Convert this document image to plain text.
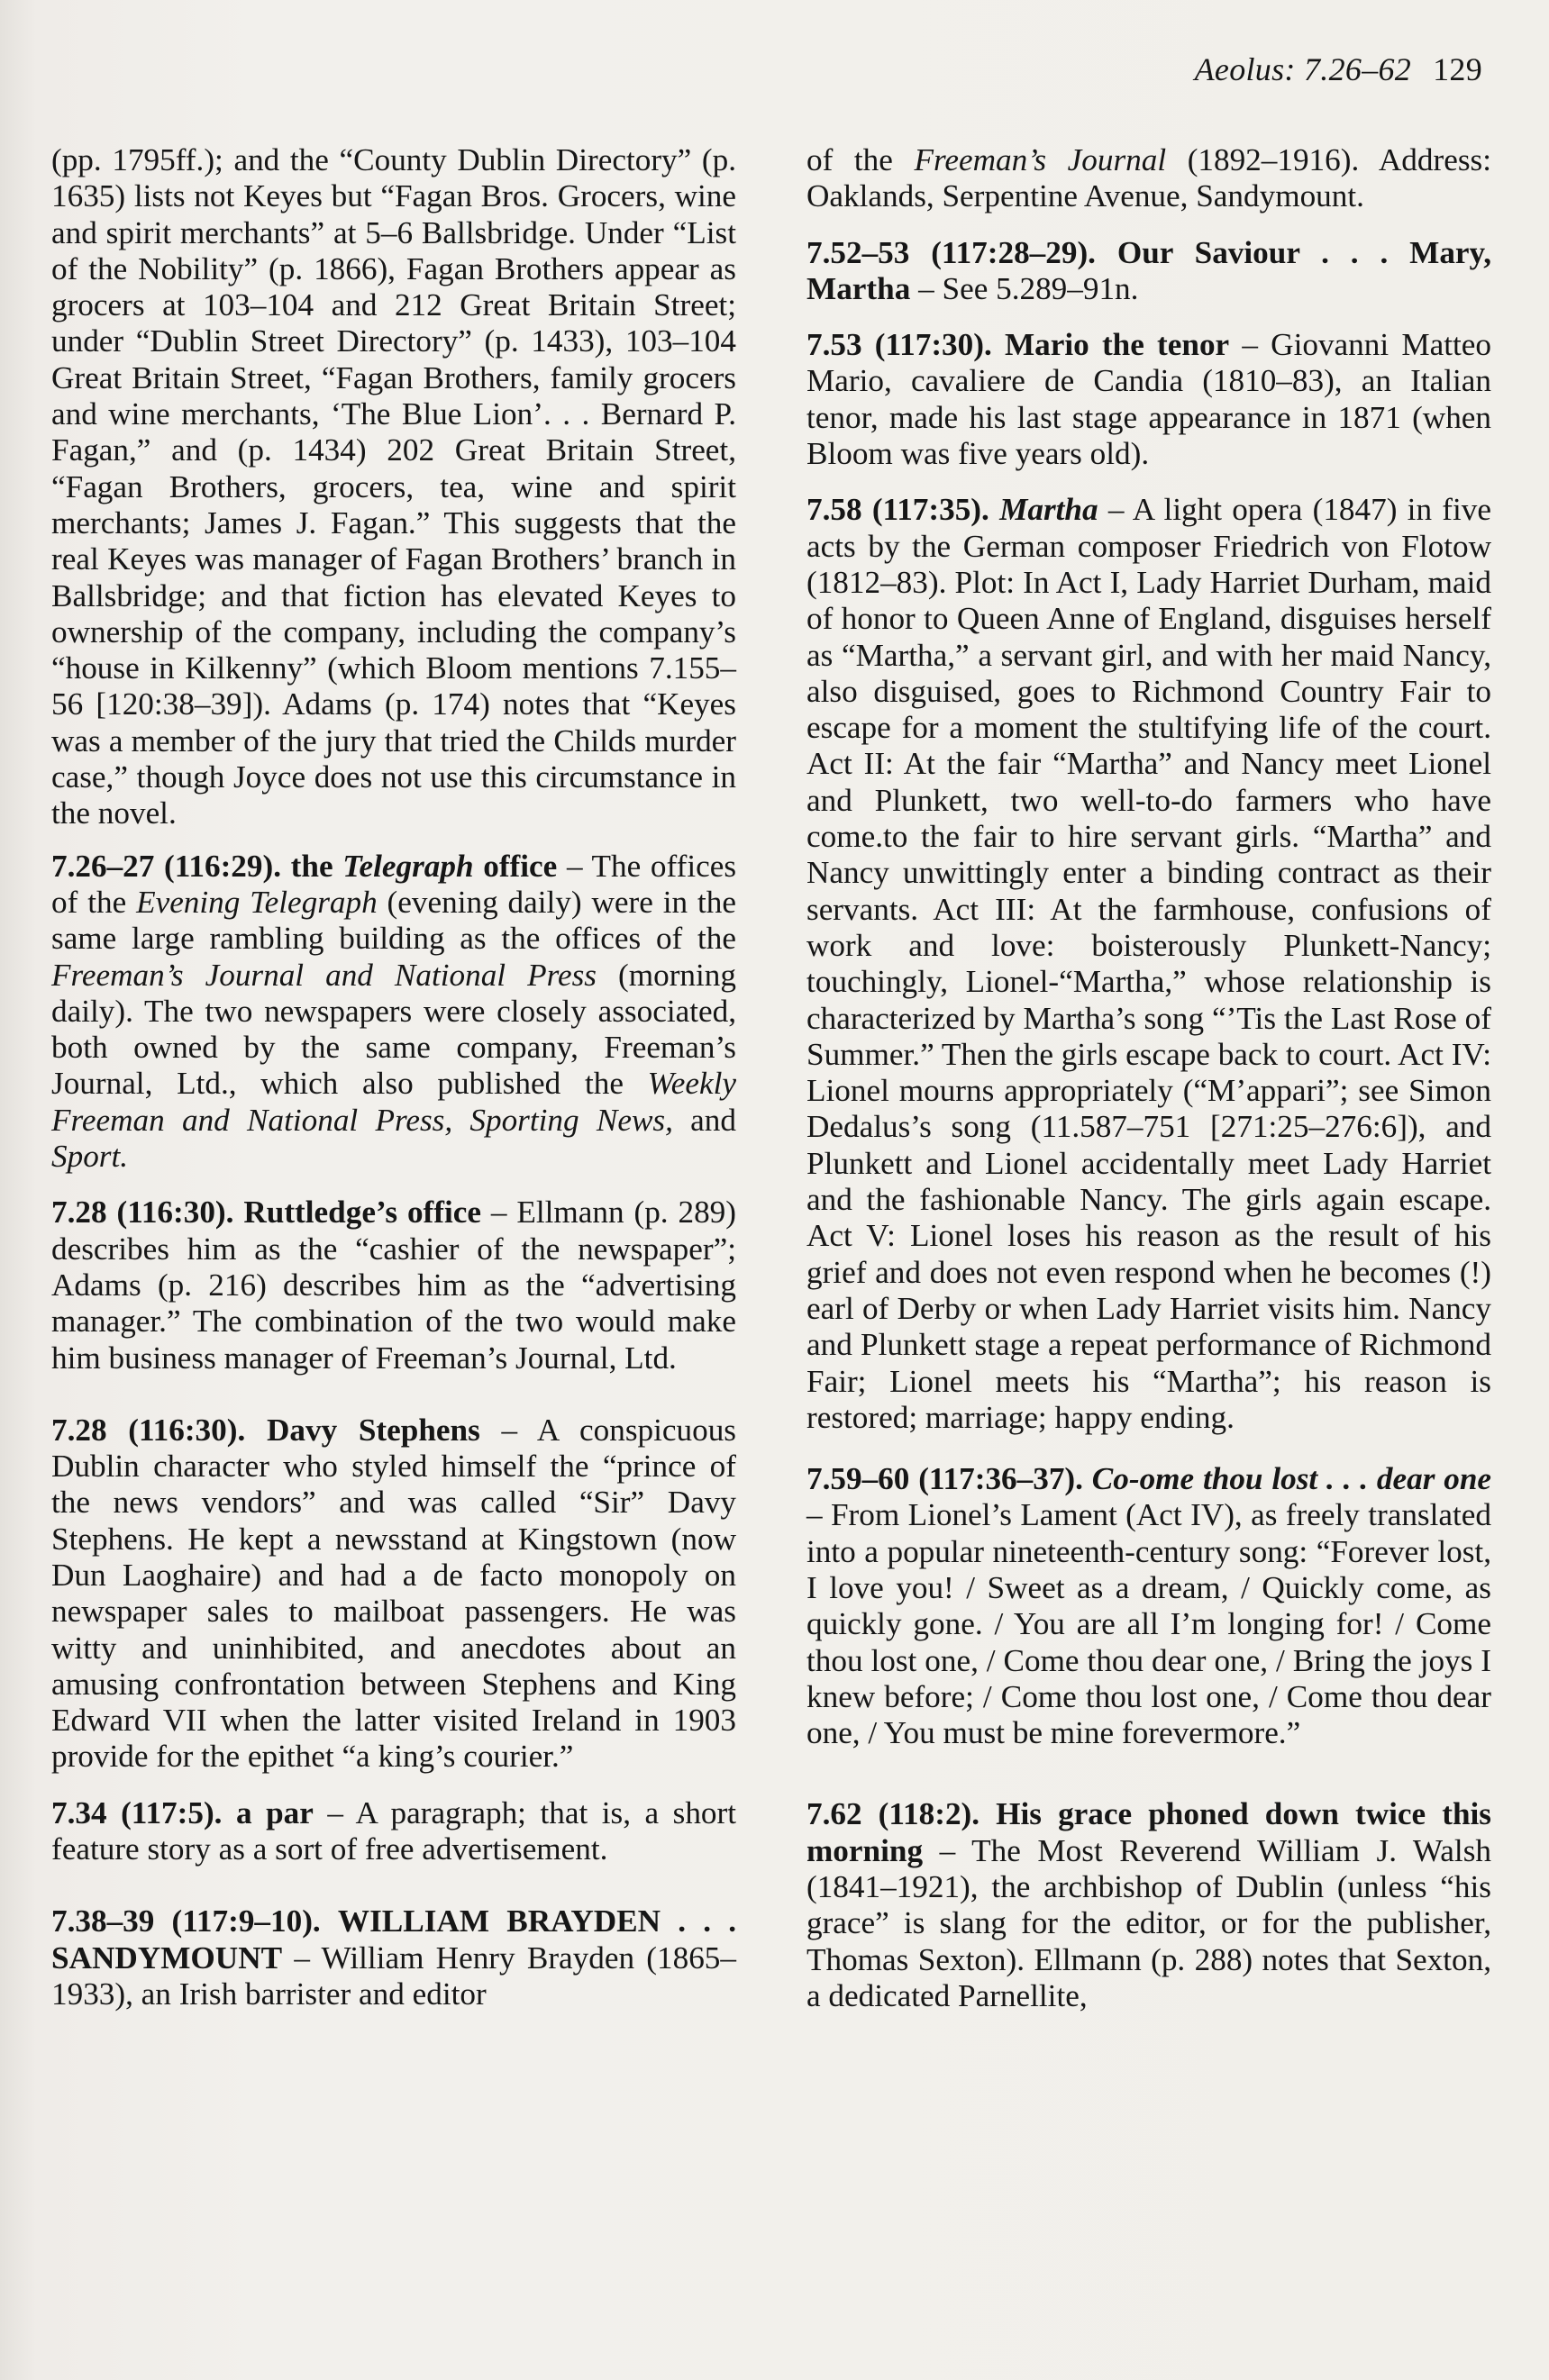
Aeolus: 7.26–62 129

(pp. 1795ff.); and the “County Dublin Directory” (p. 1635) lists not Keyes but “Fagan Bros. Grocers, wine and spirit merchants” at 5–6 Ballsbridge. Under “List of the Nobility” (p. 1866), Fagan Brothers appear as grocers at 103–104 and 212 Great Britain Street; under “Dublin Street Directory” (p. 1433), 103–104 Great Britain Street, “Fagan Brothers, family grocers and wine merchants, ‘The Blue Lion’. . . Bernard P. Fagan,” and (p. 1434) 202 Great Britain Street, “Fagan Brothers, grocers, tea, wine and spirit merchants; James J. Fagan.” This suggests that the real Keyes was manager of Fagan Brothers’ branch in Ballsbridge; and that fiction has elevated Keyes to ownership of the company, including the company’s “house in Kilkenny” (which Bloom mentions 7.155–56 [120:38–39]). Adams (p. 174) notes that “Keyes was a member of the jury that tried the Childs murder case,” though Joyce does not use this circumstance in the novel.

7.26–27 (116:29). the Telegraph office – The offices of the Evening Telegraph (evening daily) were in the same large rambling building as the offices of the Freeman’s Journal and National Press (morning daily). The two newspapers were closely associated, both owned by the same company, Freeman’s Journal, Ltd., which also published the Weekly Freeman and National Press, Sporting News, and Sport.

7.28 (116:30). Ruttledge’s office – Ellmann (p. 289) describes him as the “cashier of the newspaper”; Adams (p. 216) describes him as the “advertising manager.” The combination of the two would make him business manager of Freeman’s Journal, Ltd.

7.28 (116:30). Davy Stephens – A conspicuous Dublin character who styled himself the “prince of the news vendors” and was called “Sir” Davy Stephens. He kept a newsstand at Kingstown (now Dun Laoghaire) and had a de facto monopoly on newspaper sales to mailboat passengers. He was witty and uninhibited, and anecdotes about an amusing confrontation between Stephens and King Edward VII when the latter visited Ireland in 1903 provide for the epithet “a king’s courier.”

7.34 (117:5). a par – A paragraph; that is, a short feature story as a sort of free advertisement.

7.38–39 (117:9–10). WILLIAM BRAYDEN . . . SANDYMOUNT – William Henry Brayden (1865–1933), an Irish barrister and editor

of the Freeman’s Journal (1892–1916). Address: Oaklands, Serpentine Avenue, Sandymount.

7.52–53 (117:28–29). Our Saviour . . . Mary, Martha – See 5.289–91n.

7.53 (117:30). Mario the tenor – Giovanni Matteo Mario, cavaliere de Candia (1810–83), an Italian tenor, made his last stage appearance in 1871 (when Bloom was five years old).

7.58 (117:35). Martha – A light opera (1847) in five acts by the German composer Friedrich von Flotow (1812–83). Plot: In Act I, Lady Harriet Durham, maid of honor to Queen Anne of England, disguises herself as “Martha,” a servant girl, and with her maid Nancy, also disguised, goes to Richmond Country Fair to escape for a moment the stultifying life of the court. Act II: At the fair “Martha” and Nancy meet Lionel and Plunkett, two well-to-do farmers who have come.to the fair to hire servant girls. “Martha” and Nancy unwittingly enter a binding contract as their servants. Act III: At the farmhouse, confusions of work and love: boisterously Plunkett-Nancy; touchingly, Lionel-“Martha,” whose relationship is characterized by Martha’s song “’Tis the Last Rose of Summer.” Then the girls escape back to court. Act IV: Lionel mourns appropriately (“M’appari”; see Simon Dedalus’s song (11.587–751 [271:25–276:6]), and Plunkett and Lionel accidentally meet Lady Harriet and the fashionable Nancy. The girls again escape. Act V: Lionel loses his reason as the result of his grief and does not even respond when he becomes (!) earl of Derby or when Lady Harriet visits him. Nancy and Plunkett stage a repeat performance of Richmond Fair; Lionel meets his “Martha”; his reason is restored; marriage; happy ending.

7.59–60 (117:36–37). Co-ome thou lost . . . dear one – From Lionel’s Lament (Act IV), as freely translated into a popular nineteenth-century song: “Forever lost, I love you! / Sweet as a dream, / Quickly come, as quickly gone. / You are all I’m longing for! / Come thou lost one, / Come thou dear one, / Bring the joys I knew before; / Come thou lost one, / Come thou dear one, / You must be mine forevermore.”

7.62 (118:2). His grace phoned down twice this morning – The Most Reverend William J. Walsh (1841–1921), the archbishop of Dublin (unless “his grace” is slang for the editor, or for the publisher, Thomas Sexton). Ellmann (p. 288) notes that Sexton, a dedicated Parnellite,
